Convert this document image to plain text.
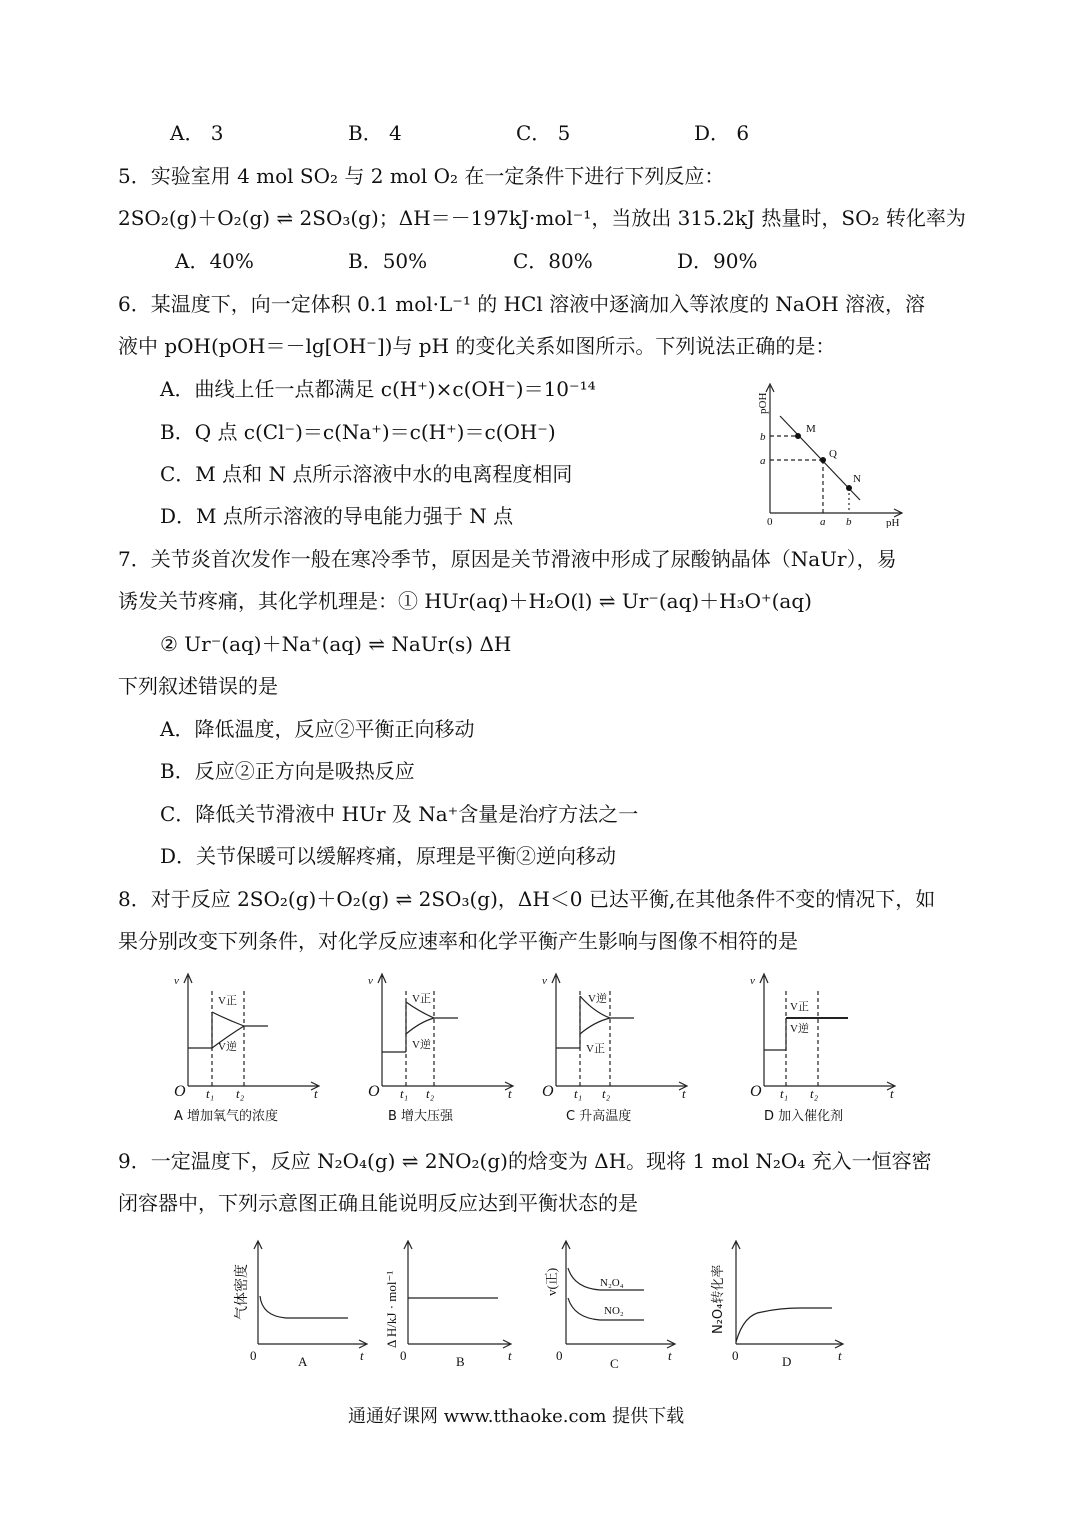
A． 3	B． 4	C． 5	D． 6
5．实验室用 4 mol SO₂ 与 2 mol O₂ 在一定条件下进行下列反应：
2SO₂(g)＋O₂(g) ⇌ 2SO₃(g)；ΔH＝－197kJ·mol⁻¹，当放出 315.2kJ 热量时，SO₂ 转化率为
A．40%	B．50%	C．80%	D．90%
6．某温度下，向一定体积 0.1 mol·L⁻¹ 的 HCl 溶液中逐滴加入等浓度的 NaOH 溶液，溶
液中 pOH(pOH＝－lg[OH⁻])与 pH 的变化关系如图所示。下列说法正确的是：
A．曲线上任一点都满足 c(H⁺)×c(OH⁻)＝10⁻¹⁴
B．Q 点 c(Cl⁻)＝c(Na⁺)＝c(H⁺)＝c(OH⁻)
C．M 点和 N 点所示溶液中水的电离程度相同
D．M 点所示溶液的导电能力强于 N 点
pOH
M
Q
N
b
a
0	a b	pH
7．关节炎首次发作一般在寒冷季节，原因是关节滑液中形成了尿酸钠晶体（NaUr），易
诱发关节疼痛，其化学机理是：① HUr(aq)＋H₂O(l) ⇌ Ur⁻(aq)＋H₃O⁺(aq)
② Ur⁻(aq)＋Na⁺(aq) ⇌ NaUr(s) ΔH
下列叙述错误的是
A．降低温度，反应②平衡正向移动
B．反应②正方向是吸热反应
C．降低关节滑液中 HUr 及 Na⁺含量是治疗方法之一
D．关节保暖可以缓解疼痛，原理是平衡②逆向移动
8．对于反应 2SO₂(g)＋O₂(g) ⇌ 2SO₃(g)，ΔH＜0 已达平衡,在其他条件不变的情况下，如
果分别改变下列条件，对化学反应速率和化学平衡产生影响与图像不相符的是
v
V正
V逆
O t₁ t₂	t
A 增加氧气的浓度
v
V正
V逆
O t₁ t₂	t
B 增大压强
v
V逆
V正
O t₁ t₂	t
C 升高温度
v
V正
V逆
O t₁ t₂	t
D 加入催化剂
9．一定温度下，反应 N₂O₄(g) ⇌ 2NO₂(g)的焓变为 ΔH。现将 1 mol N₂O₄ 充入一恒容密
闭容器中，下列示意图正确且能说明反应达到平衡状态的是
气体密度
0	A	t
Δ H/kJ · mol⁻¹
0	B	t
v(正)	N₂O₄
NO₂
0
C
t
N₂O₄转化率
0	D	t
通通好课网 www.tthaoke.com 提供下载
